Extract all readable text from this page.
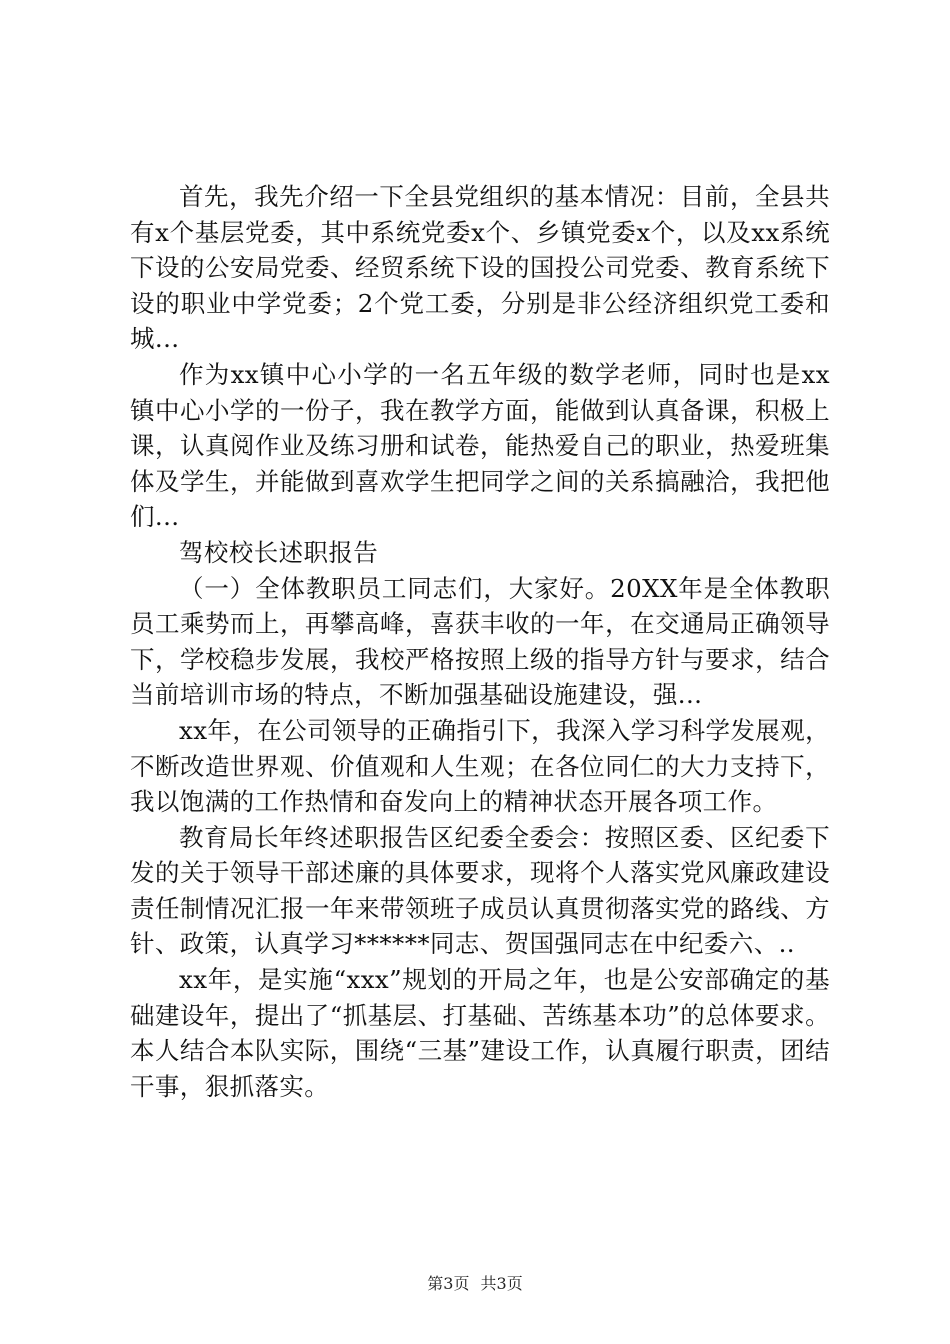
首先，我先介绍一下全县党组织的基本情况：目前，全县共有x个基层党委，其中系统党委x个、乡镇党委x个，以及xx系统下设的公安局党委、经贸系统下设的国投公司党委、教育系统下设的职业中学党委；2个党工委，分别是非公经济组织党工委和城...

作为xx镇中心小学的一名五年级的数学老师，同时也是xx镇中心小学的一份子，我在教学方面，能做到认真备课，积极上课，认真阅作业及练习册和试卷，能热爱自己的职业，热爱班集体及学生，并能做到喜欢学生把同学之间的关系搞融洽，我把他们...

驾校校长述职报告

（一）全体教职员工同志们，大家好。20XX年是全体教职员工乘势而上，再攀高峰，喜获丰收的一年，在交通局正确领导下，学校稳步发展，我校严格按照上级的指导方针与要求，结合当前培训市场的特点，不断加强基础设施建设，强...

xx年，在公司领导的正确指引下，我深入学习科学发展观，不断改造世界观、价值观和人生观；在各位同仁的大力支持下，我以饱满的工作热情和奋发向上的精神状态开展各项工作。

教育局长年终述职报告区纪委全委会：按照区委、区纪委下发的关于领导干部述廉的具体要求，现将个人落实党风廉政建设责任制情况汇报一年来带领班子成员认真贯彻落实党的路线、方针、政策，认真学习******同志、贺国强同志在中纪委六、..

xx年，是实施“xxx”规划的开局之年，也是公安部确定的基础建设年，提出了“抓基层、打基础、苦练基本功”的总体要求。本人结合本队实际，围绕“三基”建设工作，认真履行职责，团结干事，狠抓落实。

第3页 共3页
